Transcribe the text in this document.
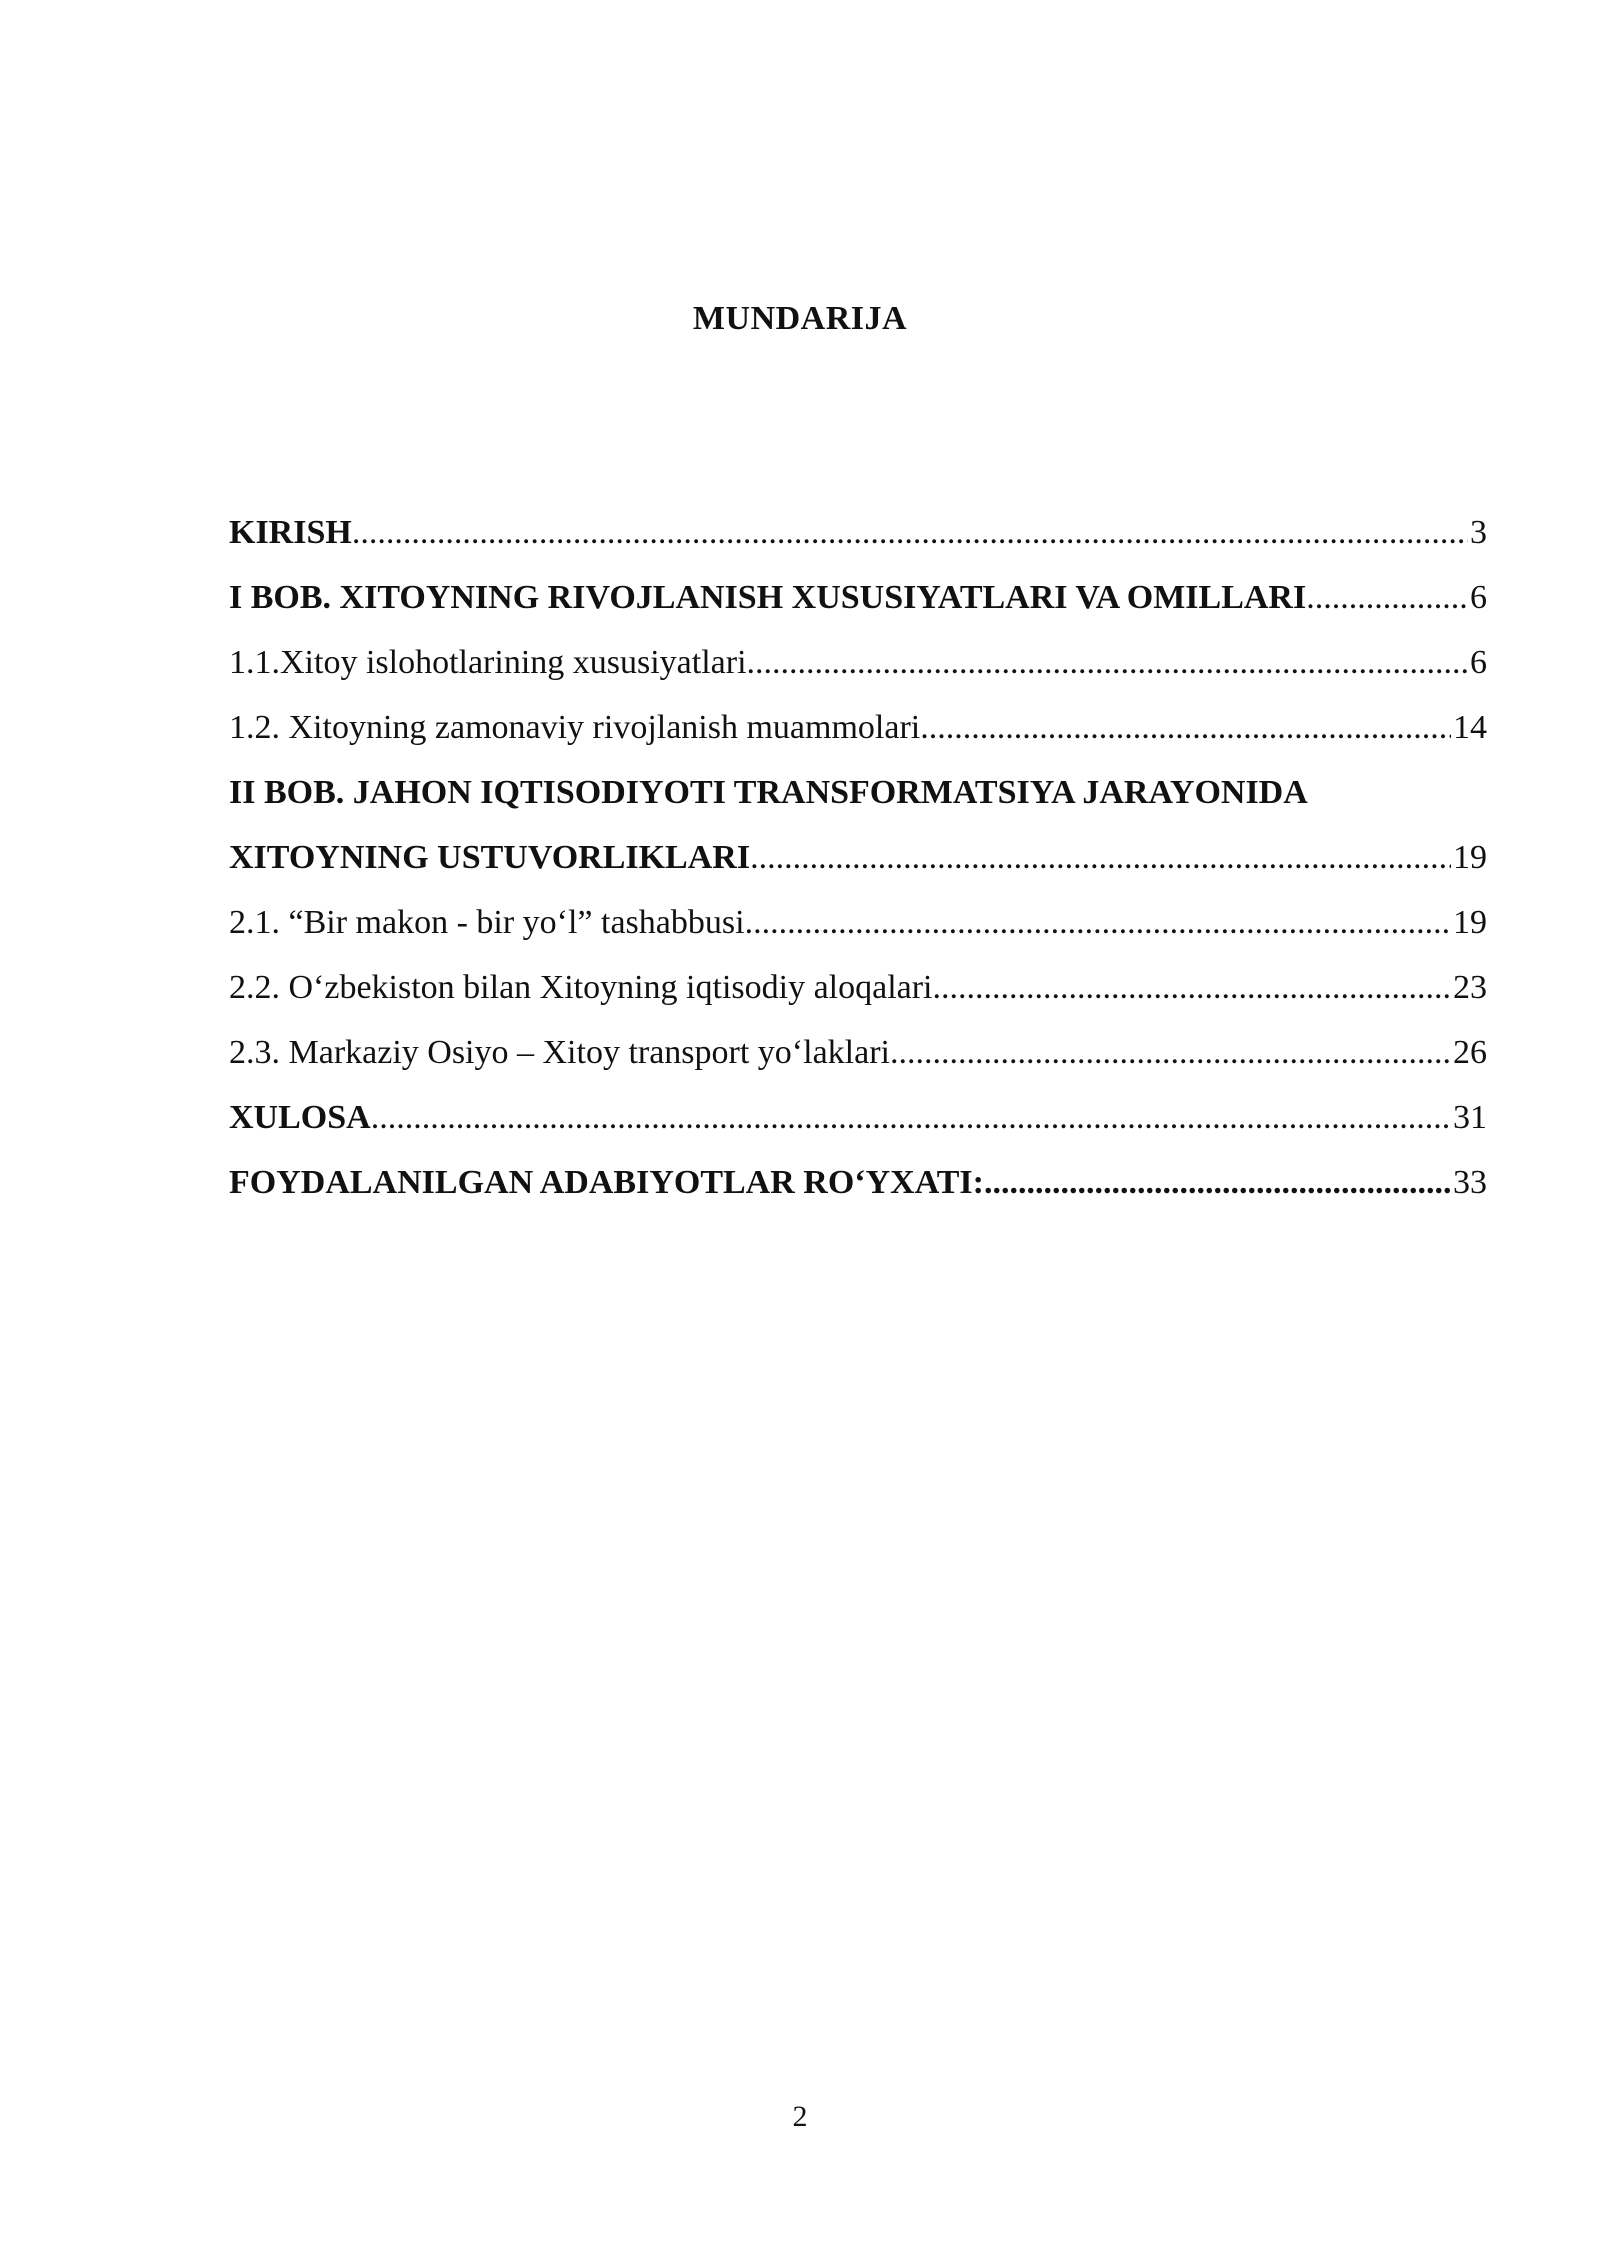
MUNDARIJA
KIRISH .....	3
I BOB. XITOYNING RIVOJLANISH XUSUSIYATLARI VA OMILLARI .....	6
1.1.Xitoy islohotlarining xususiyatlari .....	6
1.2. Xitoyning zamonaviy rivojlanish muammolari .....	14
II BOB. JAHON IQTISODIYOTI TRANSFORMATSIYA JARAYONIDA
XITOYNING USTUVORLIKLARI .....	19
2.1. “Bir makon - bir yo‘l” tashabbusi .....	19
2.2. O‘zbekiston bilan Xitoyning iqtisodiy aloqalari .....	23
2.3. Markaziy Osiyo – Xitoy transport yo‘laklari .....	26
XULOSA .....	31
FOYDALANILGAN ADABIYOTLAR RO‘YXATI: .....	33
2
